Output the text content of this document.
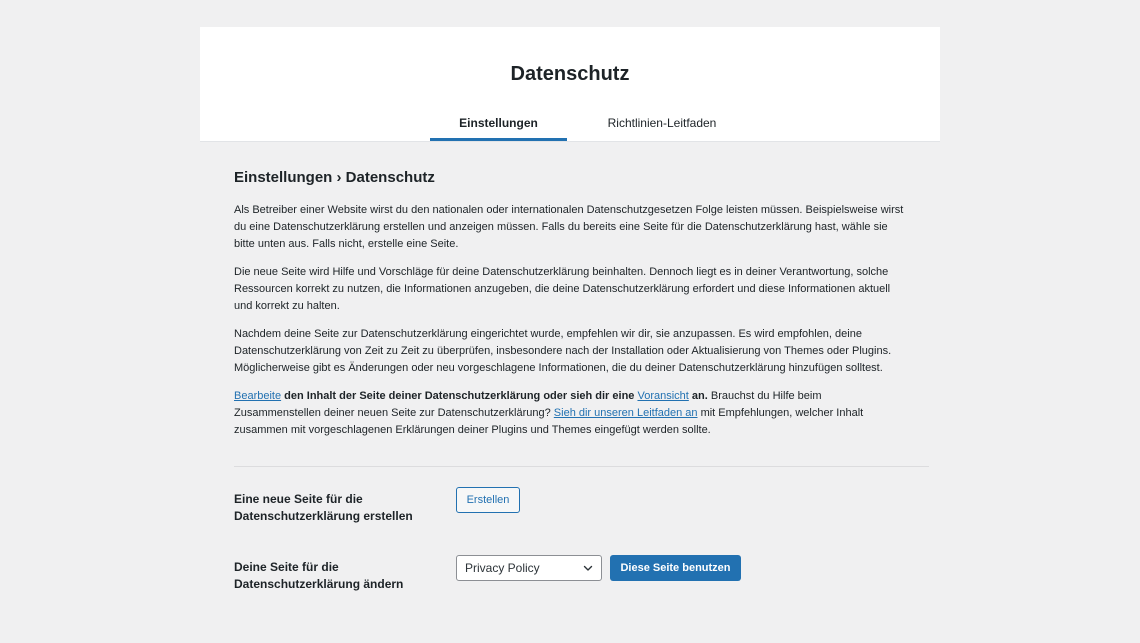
Datenschutz
Einstellungen	Richtlinien-Leitfaden
Einstellungen › Datenschutz

Als Betreiber einer Website wirst du den nationalen oder internationalen Datenschutzgesetzen Folge leisten müssen. Beispielsweise wirst du eine Datenschutzerklärung erstellen und anzeigen müssen. Falls du bereits eine Seite für die Datenschutzerklärung hast, wähle sie bitte unten aus. Falls nicht, erstelle eine Seite.

Die neue Seite wird Hilfe und Vorschläge für deine Datenschutzerklärung beinhalten. Dennoch liegt es in deiner Verantwortung, solche Ressourcen korrekt zu nutzen, die Informationen anzugeben, die deine Datenschutzerklärung erfordert und diese Informationen aktuell und korrekt zu halten.

Nachdem deine Seite zur Datenschutzerklärung eingerichtet wurde, empfehlen wir dir, sie anzupassen. Es wird empfohlen, deine Datenschutzerklärung von Zeit zu Zeit zu überprüfen, insbesondere nach der Installation oder Aktualisierung von Themes oder Plugins. Möglicherweise gibt es Änderungen oder neu vorgeschlagene Informationen, die du deiner Datenschutzerklärung hinzufügen solltest.

Bearbeite den Inhalt der Seite deiner Datenschutzerklärung oder sieh dir eine Voransicht an. Brauchst du Hilfe beim Zusammenstellen deiner neuen Seite zur Datenschutzerklärung? Sieh dir unseren Leitfaden an mit Empfehlungen, welcher Inhalt zusammen mit vorgeschlagenen Erklärungen deiner Plugins und Themes eingefügt werden sollte.

Eine neue Seite für die Datenschutzerklärung erstellen
Erstellen
Deine Seite für die Datenschutzerklärung ändern
Privacy Policy	Diese Seite benutzen
